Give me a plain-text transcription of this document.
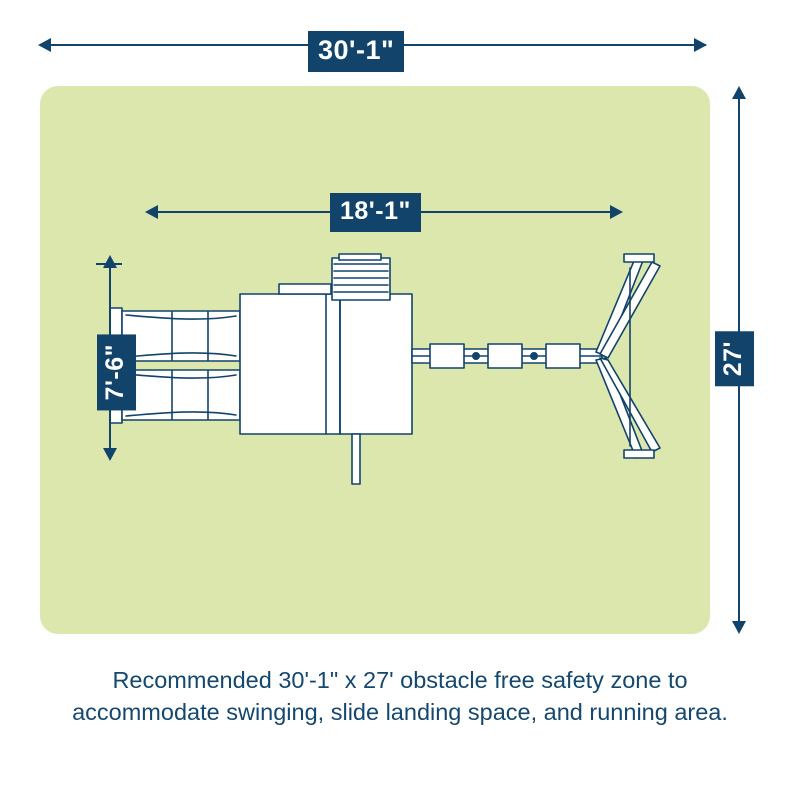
30'-1"
18'-1"
7'-6"	27'
Recommended 30'-1" x 27' obstacle free safety zone to accommodate swinging, slide landing space, and running area.
